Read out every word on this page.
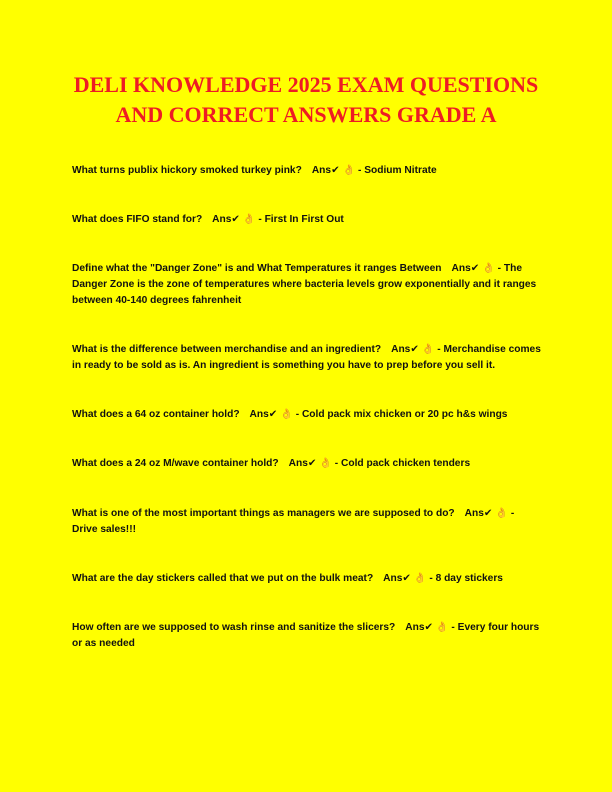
DELI KNOWLEDGE 2025 EXAM QUESTIONS
AND CORRECT ANSWERS GRADE A

What turns publix hickory smoked turkey pink? Ans✔ 👌 - Sodium Nitrate

What does FIFO stand for? Ans✔ 👌 - First In First Out

Define what the "Danger Zone" is and What Temperatures it ranges Between Ans✔ 👌 - The Danger Zone is the zone of temperatures where bacteria levels grow exponentially and it ranges between 40-140 degrees fahrenheit

What is the difference between merchandise and an ingredient? Ans✔ 👌 - Merchandise comes in ready to be sold as is. An ingredient is something you have to prep before you sell it.

What does a 64 oz container hold? Ans✔ 👌 - Cold pack mix chicken or 20 pc h&s wings

What does a 24 oz M/wave container hold? Ans✔ 👌 - Cold pack chicken tenders

What is one of the most important things as managers we are supposed to do? Ans✔ 👌 - Drive sales!!!

What are the day stickers called that we put on the bulk meat? Ans✔ 👌 - 8 day stickers

How often are we supposed to wash rinse and sanitize the slicers? Ans✔ 👌 - Every four hours or as needed
